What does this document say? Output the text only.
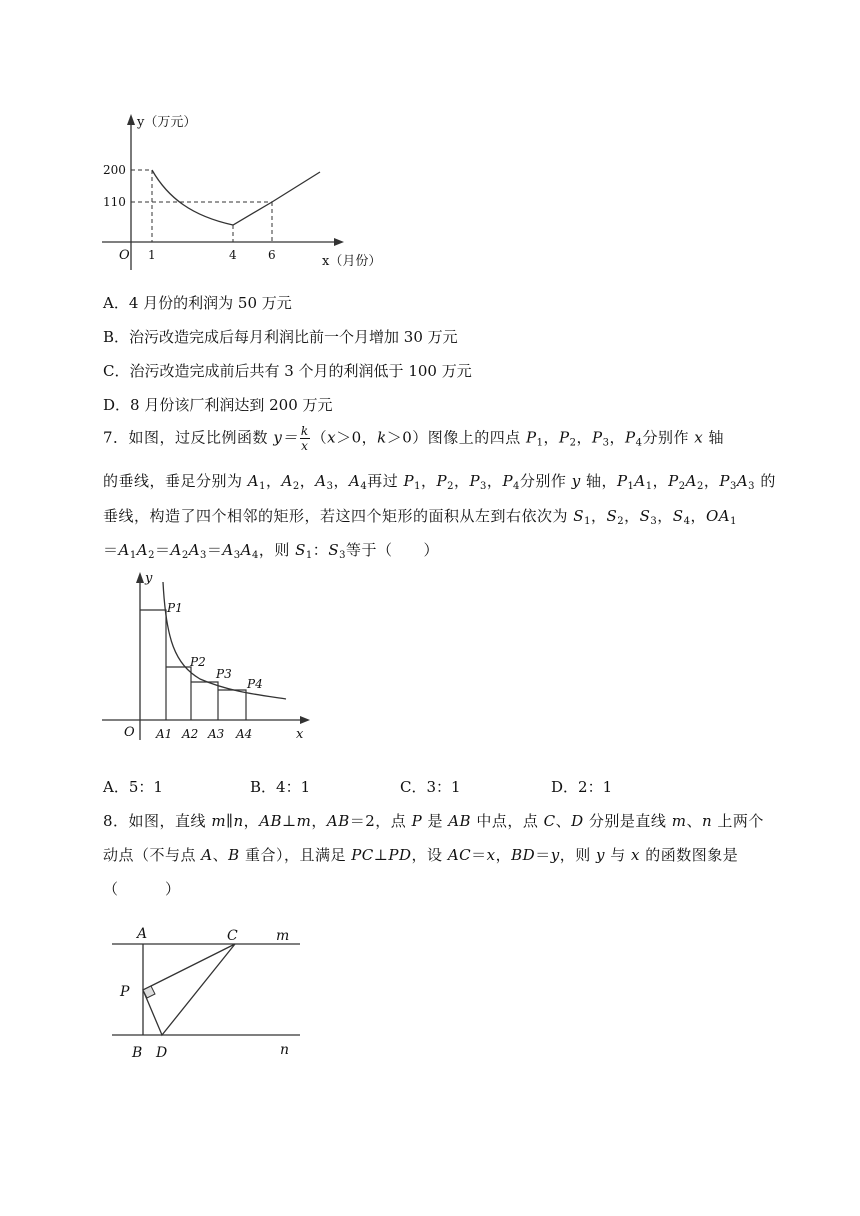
y（万元）
x（月份）
O
200
110
1	4	6
A．4 月份的利润为 50 万元
B．治污改造完成后每月利润比前一个月增加 30 万元
C．治污改造完成前后共有 3 个月的利润低于 100 万元
D．8 月份该厂利润达到 200 万元
7．如图，过反比例函数 $y= \frac{k}{x} (x>0$，k＞0）图像上的四点 $P_1$，$P_2$，$P_3$，$P_4$分别作 x 轴
的垂线，垂足分别为 $A_1$，$A_2$，$A_3$，$A_4$再过 $P_1$，$P_2$，$P_3$，$P_4$分别作 y 轴，$P_1A_1$，$P_2A_2$，$P_3A_3$ 的
垂线，构造了四个相邻的矩形，若这四个矩形的面积从左到右依次为 $S_1$，$S_2$，$S_3$，$S_4$，$OA_1$
$=A_1A_2=A_2A_3=A_3A_4$，则 $S_1$：$S_3$等于（　　）
y
x
O
P1
P2
P3
P4
A1 A2 A3 A4
A．5：1	B．4：1	C．3：1	D．2：1
8．如图，直线 m∥n，AB⊥m，AB＝2，点 P 是 AB 中点，点 C、D 分别是直线 m、n 上两个
动点（不与点 A、B 重合），且满足 PC⊥PD，设 AC＝x，BD＝y，则 y 与 x 的函数图象是
（　　　）
A	C	m
P
B D	n
